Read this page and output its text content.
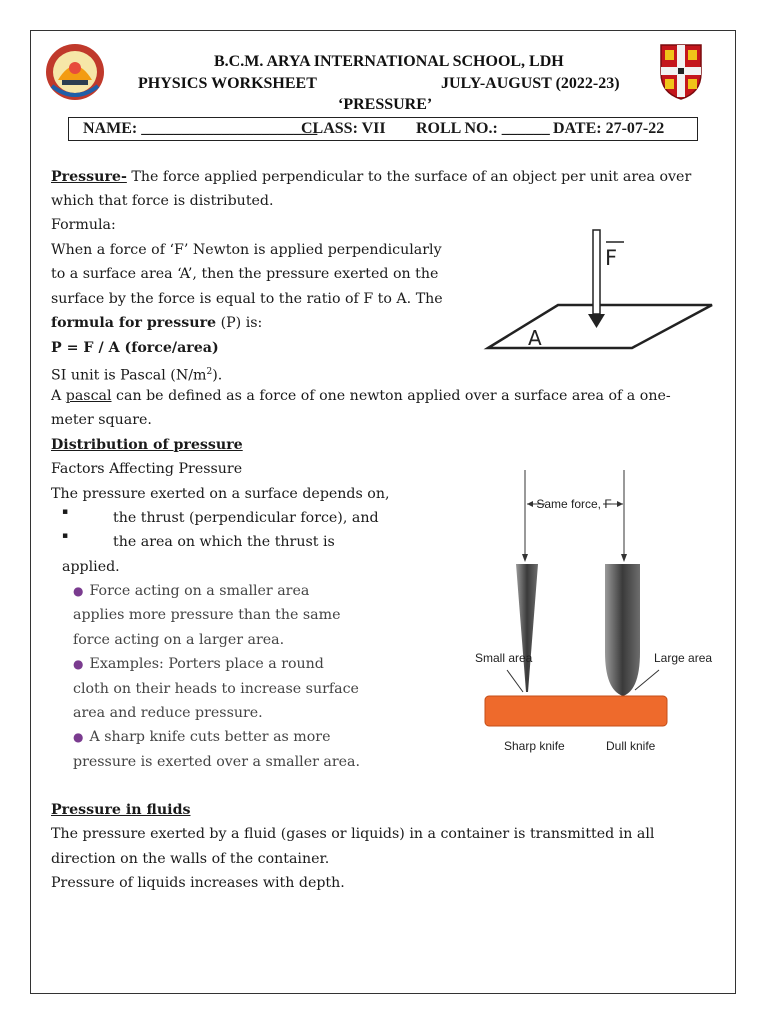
B.C.M. ARYA INTERNATIONAL SCHOOL, LDH
PHYSICS WORKSHEET	JULY-AUGUST (2022-23)
‘PRESSURE’
NAME: ______________________
CLASS: VII ROLL NO.: ______ DATE: 27-07-22
Pressure- The force applied perpendicular to the surface of an object per unit area over
which that force is distributed.
Formula:
When a force of ‘F’ Newton is applied perpendicularly
to a surface area ‘A’, then the pressure exerted on the
surface by the force is equal to the ratio of F to A. The
formula for pressure (P) is:
P = F / A (force/area)
SI unit is Pascal $(N/m^2)$.
A pascal can be defined as a force of one newton applied over a surface area of a one-
meter square.
F
A
Distribution of pressure
Factors Affecting Pressure
The pressure exerted on a surface depends on,
▪	the thrust (perpendicular force), and
▪	the area on which the thrust is
applied.
● Force acting on a smaller area
applies more pressure than the same
force acting on a larger area.
● Examples: Porters place a round
cloth on their heads to increase surface
area and reduce pressure.
● A sharp knife cuts better as more
pressure is exerted over a smaller area.
Same force, F
Small area	Large area
Sharp knife	Dull knife
Pressure in fluids
The pressure exerted by a fluid (gases or liquids) in a container is transmitted in all
direction on the walls of the container.
Pressure of liquids increases with depth.
